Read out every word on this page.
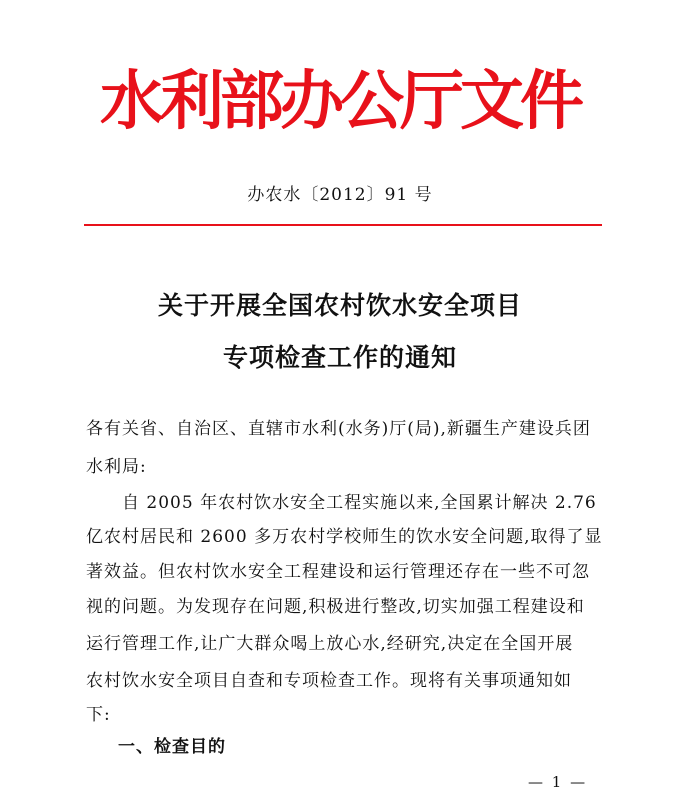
水利部办公厅文件
办农水〔2012〕91 号
关于开展全国农村饮水安全项目
专项检查工作的通知
各有关省、自治区、直辖市水利(水务)厅(局),新疆生产建设兵团
水利局:
　　自 2005 年农村饮水安全工程实施以来,全国累计解决 2.76
亿农村居民和 2600 多万农村学校师生的饮水安全问题,取得了显
著效益。但农村饮水安全工程建设和运行管理还存在一些不可忽
视的问题。为发现存在问题,积极进行整改,切实加强工程建设和
运行管理工作,让广大群众喝上放心水,经研究,决定在全国开展
农村饮水安全项目自查和专项检查工作。现将有关事项通知如
下:
一、检查目的
— 1 —
